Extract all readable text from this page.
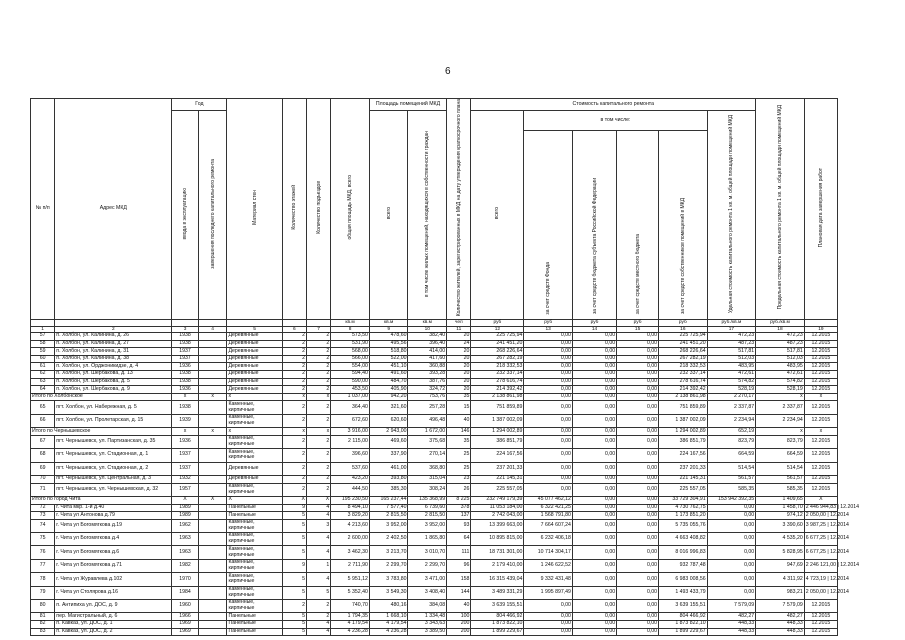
6
№ п/п	Адрес МКД	Год		Материал стен	Количество этажей	Количество подъездов	общая площадь МКД, всего	Площадь помещений МКД		Количество жителей, зарегистрированных в МКД на дату утверждения краткосрочного плана	Стоимость капитального ремонта						Предельная стоимость капитального ремонта 1 кв. м. общей площади помещений МКД	Плановая дата завершения работ
		ввода в эксплуатацию	завершения последнего капитального ремонта					всего	в том числе жилых помещений, находящихся в собственности граждан		всего	в том числе:				Удельная стоимость капитального ремонта 1 кв. м. общей площади помещений МКД		
												за счет средств Фонда	за счет средств бюджета субъекта Российской Федерации	за счет средств местного бюджета	за счет средств собственников помещений в МКД			
							кв.м	кв.м	кв.м	чел	руб	руб	руб	руб	руб	руб./кв.м	руб./кв.м	
1	2	3	4	5	6	7	8	9	10	11	12	13	14	15	16	17	18	19
57	п. Холбон, ул. Калинина, д. 26	1938		Деревянные	2	2	573,50	478,60	382,40	20	225 725,94	0,00	0,00	0,00	225 725,94	472,23	472,23	12.2015
58	п. Холбон, ул. Калинина, д. 27	1938		Деревянные	2	2	531,90	495,56	396,40	24	241 451,20	0,00	0,00	0,00	241 451,20	487,23	487,23	12.2015
59	п. Холбон, ул. Калинина, д. 31	1937		Деревянные	2	2	568,00	518,80	414,00	20	268 226,64	0,00	0,00	0,00	268 226,64	517,81	517,81	12.2015
60	п. Холбон, ул. Калинина, д. 38	1937		Деревянные	2	2	566,00	522,00	417,60	20	267 282,19	0,00	0,00	0,00	267 282,19	512,03	512,03	12.2015
61	п. Холбон, ул. Орджоникидзе, д. 4	1936		Деревянные	2	2	554,00	451,10	360,88	20	218 332,53	0,00	0,00	0,00	218 332,53	483,95	483,95	12.2015
62	п. Холбон, ул. Шербакова, д. 13	1938		Деревянные	2	2	594,40	491,60	393,28	20	232 337,14	0,00	0,00	0,00	232 337,14	472,61	472,61	12.2015
63	п. Холбон, ул. Шербакова, д. 5	1938		Деревянные	2	2	590,00	484,70	387,76	20	278 616,74	0,00	0,00	0,00	278 616,74	574,82	574,82	12.2015
64	п. Холбон, ул. Шербакова, д. 9	1936		Деревянные	2	2	453,50	405,90	324,72	20	214 392,42	0,00	0,00	0,00	214 392,42	528,19	528,19	12.2015
Итого по Холбонское		x	x	x	x	x	1 037,00	942,20	753,76	35	2 138 861,98	0,00	0,00	0,00	2 138 861,98	2 270,17	x	x
65	пгт. Холбон, ул. Набережная, д. 5	1938		Каменные, кирпичные	2	2	364,40	321,60	257,28	15	751 859,89	0,00	0,00	0,00	751 859,89	2 337,87	2 337,87	12.2015
66	пгт. Холбон, ул. Пролетарская, д. 15	1939		Каменные, кирпичные	2	2	672,60	620,60	496,48	40	1 387 002,09	0,00	0,00	0,00	1 387 002,09	2 234,94	2 234,94	12.2015
Итого по Чернышевское		x	x	x	x	x	3 916,00	2 943,00	1 672,00	146	1 294 002,89	0,00	0,00	0,00	1 294 002,89	652,19	x	x
67	пгт. Чернышевск, ул. Партизанская, д. 35	1936		Каменные, кирпичные	2	2	2 115,00	469,60	375,68	35	386 851,79	0,00	0,00	0,00	386 851,79	823,79	823,79	12.2015
68	пгт. Чернышевск, ул. Стадионная, д. 1	1937		Каменные, кирпичные	2	2	396,60	337,90	270,14	25	224 167,56	0,00	0,00	0,00	224 167,56	664,59	664,59	12.2015
69	пгт. Чернышевск, ул. Стадионная, д. 2	1937		Деревянные	2	2	537,60	461,00	368,80	25	237 201,33	0,00	0,00	0,00	237 201,33	514,54	514,54	12.2015
70	пгт. Чернышевск, ул. Центральная, д. 3	1932		Деревянные	2	2	423,20	393,80	315,04	23	221 145,31	0,00	0,00	0,00	221 145,31	561,57	561,57	12.2015
71	пгт. Чернышевск, ул. Чернышевская, д. 32	1957		Каменные, кирпичные	2	2	444,50	385,30	308,24	26	225 557,05	0,00	0,00	0,00	225 557,05	585,35	585,35	12.2015
Итого по город Чита		X	X	X	X	X	195 230,50	165 237,44	135 368,99	8 225	232 749 179,39	45 077 462,12	0,00	0,00	33 729 304,91	153 942 392,35	1 409,65	X
72	г. Чита мкр. 1-й д.40	1989		Панельные	9	4	8 494,10	7 577,40	6 739,60	378	11 053 184,00	6 322 421,25	0,00	0,00	4 730 762,75	0,00	1 458,70	2 446 944,83 | 12.2014
73	г. Чита ул Антонова д.79	1989		Панельные	5	4	3 829,20	2 815,50	2 815,50	137	2 742 043,00	1 568 791,80	0,00	0,00	1 173 851,20	0,00	974,12	2 050,00 | 12.2014
74	г. Чита ул Богомягкова д.19	1962		Каменные, кирпичные	5	3	4 213,60	3 952,00	3 952,00	93	13 399 663,00	7 664 607,24	0,00	0,00	5 735 055,76	0,00	3 390,60	3 987,25 | 12.2014
75	г. Чита ул Богомягкова д.4	1963		Каменные, кирпичные	5	4	2 600,00	2 402,50	1 865,80	64	10 895 815,00	6 232 406,18	0,00	0,00	4 663 408,82	0,00	4 535,20	6 677,25 | 12.2014
76	г. Чита ул Богомягкова д.6	1963		Каменные, кирпичные	5	4	3 462,30	3 213,70	3 010,70	111	18 731 301,00	10 714 304,17	0,00	0,00	8 016 996,83	0,00	5 828,95	6 677,25 | 12.2014
77	г. Чита ул Богомягкова д.71	1982		Каменные, кирпичные	9	1	2 711,90	2 299,70	2 299,70	96	2 179 410,00	1 246 622,52	0,00	0,00	932 787,48	0,00	947,69	2 246 121,00 | 12.2014
78	г. Чита ул Журавлева д.102	1970		Каменные, кирпичные	5	4	5 951,12	3 783,80	3 471,00	158	16 315 439,04	9 332 431,48	0,00	0,00	6 983 008,56	0,00	4 311,92	4 723,19 | 12.2014
79	г. Чита ул Столярова д.16	1984		Каменные, кирпичные	5	5	5 352,40	3 549,30	3 408,40	144	3 489 331,29	1 995 897,49	0,00	0,00	1 493 433,79	0,00	983,21	2 050,00 | 12.2014
80	п. Антипиха ул. ДОС, д. 9	1960		Каменные, кирпичные	2	2	740,70	480,16	384,08	40	3 639 155,51	0,00	0,00	0,00	3 639 155,51	7 579,09	7 579,09	12.2015
81	пер. Магистральный, д. 6	1966		Панельные	5	2	1 794,35	1 668,10	1 334,48	100	804 466,92	0,00	0,00	0,00	804 466,92	482,27	482,27	12.2015
82	п. Кавказ, ул. ДОС, д. 1	1969		Панельные	5	4	4 179,54	4 179,54	3 343,63	200	1 873 822,10	0,00	0,00	0,00	1 873 822,10	448,33	448,33	12.2015
83	п. Кавказ, ул. ДОС, д. 2	1969		Панельные	5	4	4 236,28	4 236,28	3 389,50	200	1 899 229,67	0,00	0,00	0,00	1 899 229,67	448,33	448,33	12.2015
